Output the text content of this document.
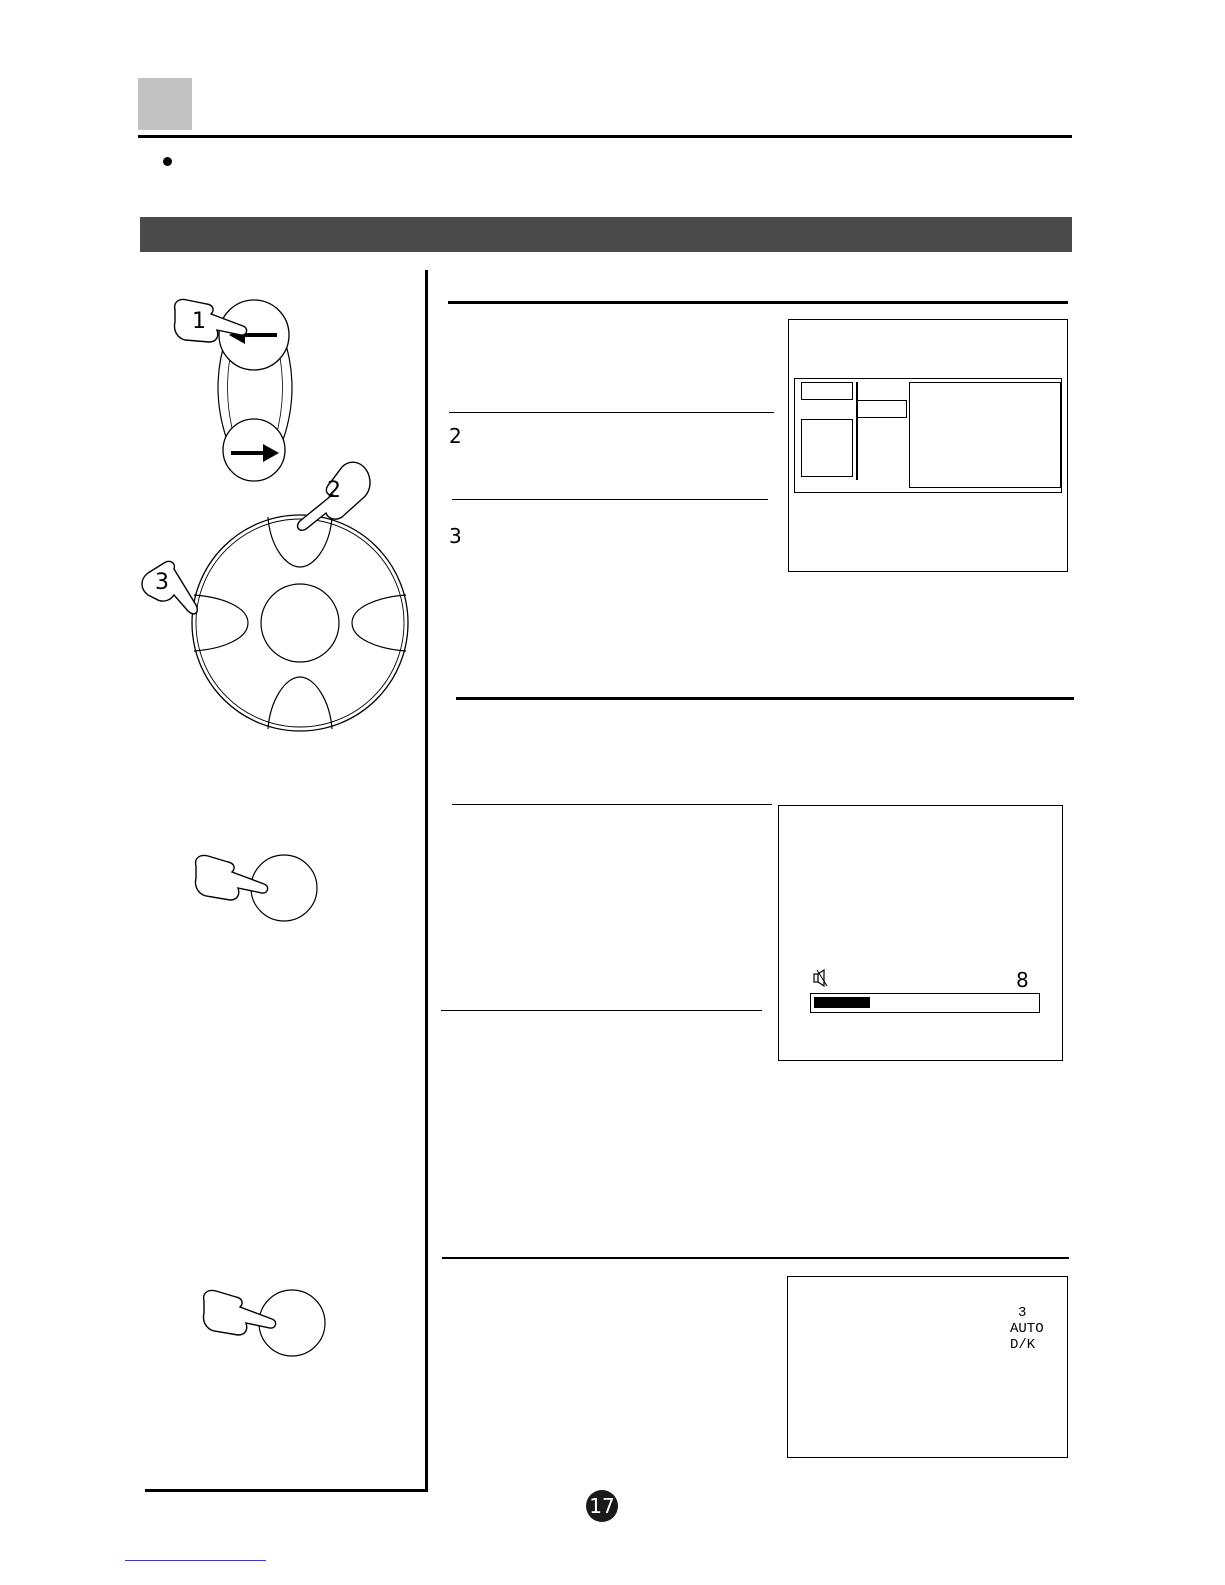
1
2
3
2
3
8
3
AUTO
D/K
17
